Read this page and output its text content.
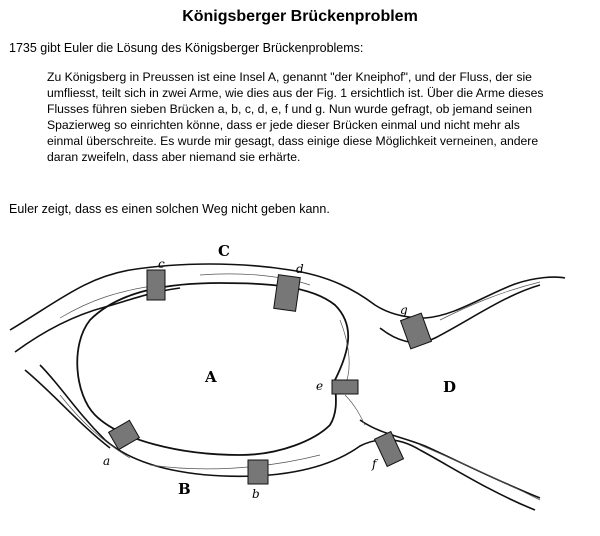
Königsberger Brückenproblem
1735 gibt Euler die Lösung des Königsberger Brückenproblems:
Zu Königsberg in Preussen ist eine Insel A, genannt "der Kneiphof", und der Fluss, der sie umfliesst, teilt sich in zwei Arme, wie dies aus der Fig. 1 ersichtlich ist. Über die Arme dieses Flusses führen sieben Brücken a, b, c, d, e, f und g. Nun wurde gefragt, ob jemand seinen Spazierweg so einrichten könne, dass er jede dieser Brücken einmal und nicht mehr als einmal überschreite. Es wurde mir gesagt, dass einige diese Möglichkeit verneinen, andere daran zweifeln, dass aber niemand sie erhärte.
Euler zeigt, dass es einen solchen Weg nicht geben kann.
C
A
D
B
c	d
g
e
a
b
f
